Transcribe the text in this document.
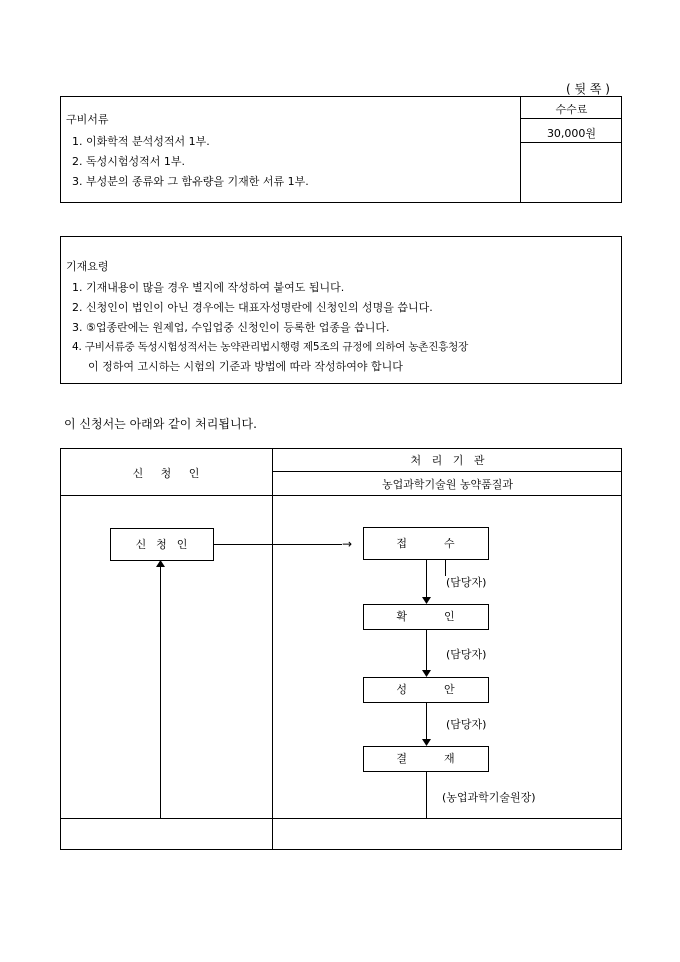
( 뒷 쪽 )
구비서류
1. 이화학적 분석성적서 1부.
2. 독성시험성적서 1부.
3. 부성분의 종류와 그 함유량을 기재한 서류 1부.
수수료
30,000원
기재요령
1. 기재내용이 많을 경우 별지에 작성하여 붙여도 됩니다.
2. 신청인이 법인이 아닌 경우에는 대표자성명란에 신청인의 성명을 씁니다.
3. ⑤업종란에는 원제업, 수입업중 신청인이 등록한 업종을 씁니다.
4. 구비서류중 독성시험성적서는 농약관리법시행령 제5조의 규정에 의하여 농촌진흥청장
이 정하여 고시하는 시험의 기준과 방법에 따라 작성하여야 합니다
이 신청서는 아래와 같이 처리됩니다.
신     청     인
처   리   기   관
농업과학기술원 농약품질과
신  청  인	→	접        수
확        인
성        안
결        재
(담당자)
(담당자)
(담당자)
(농업과학기술원장)
